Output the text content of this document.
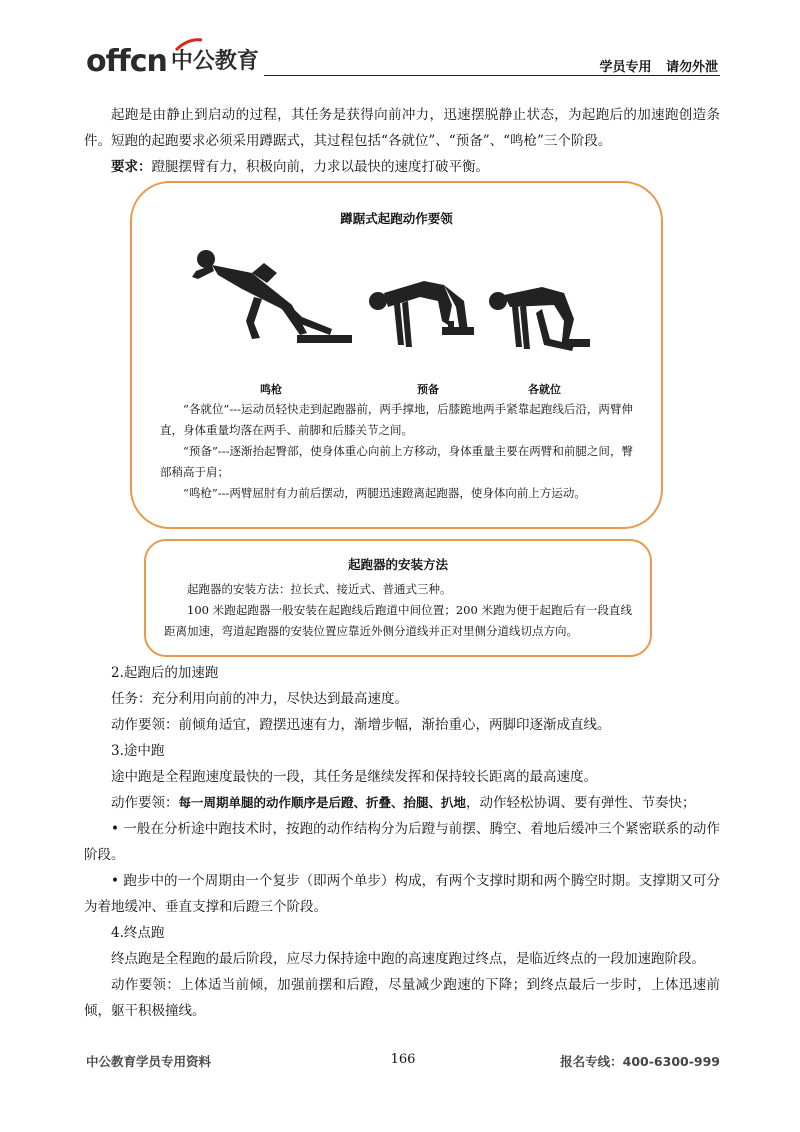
offcn 中公教育	学员专用 请勿外泄

起跑是由静止到启动的过程，其任务是获得向前冲力，迅速摆脱静止状态，为起跑后的加速跑创造条件。短跑的起跑要求必须采用蹲踞式，其过程包括“各就位”、“预备”、“鸣枪”三个阶段。

要求：蹬腿摆臂有力，积极向前，力求以最快的速度打破平衡。

蹲踞式起跑动作要领
鸣枪	预备	各就位

“各就位”---运动员轻快走到起跑器前，两手撑地，后膝跪地两手紧靠起跑线后沿，两臂伸直，身体重量均落在两手、前脚和后膝关节之间。

“预备”---逐渐抬起臀部，使身体重心向前上方移动，身体重量主要在两臂和前腿之间，臀部稍高于肩；

“鸣枪”---两臂屈肘有力前后摆动，两腿迅速蹬离起跑器，使身体向前上方运动。

起跑器的安装方法

起跑器的安装方法：拉长式、接近式、普通式三种。

100 米跑起跑器一般安装在起跑线后跑道中间位置；200 米跑为便于起跑后有一段直线距离加速，弯道起跑器的安装位置应靠近外侧分道线并正对里侧分道线切点方向。

2.起跑后的加速跑

任务：充分利用向前的冲力，尽快达到最高速度。

动作要领：前倾角适宜，蹬摆迅速有力，渐增步幅，渐抬重心，两脚印逐渐成直线。

3.途中跑

途中跑是全程跑速度最快的一段，其任务是继续发挥和保持较长距离的最高速度。

动作要领：每一周期单腿的动作顺序是后蹬、折叠、抬腿、扒地，动作轻松协调、要有弹性、节奏快；

• 一般在分析途中跑技术时，按跑的动作结构分为后蹬与前摆、腾空、着地后缓冲三个紧密联系的动作阶段。

• 跑步中的一个周期由一个复步（即两个单步）构成，有两个支撑时期和两个腾空时期。支撑期又可分为着地缓冲、垂直支撑和后蹬三个阶段。

4.终点跑

终点跑是全程跑的最后阶段，应尽力保持途中跑的高速度跑过终点，是临近终点的一段加速跑阶段。

动作要领：上体适当前倾，加强前摆和后蹬，尽量减少跑速的下降；到终点最后一步时，上体迅速前倾，躯干积极撞线。

中公教育学员专用资料	166	报名专线：400-6300-999
